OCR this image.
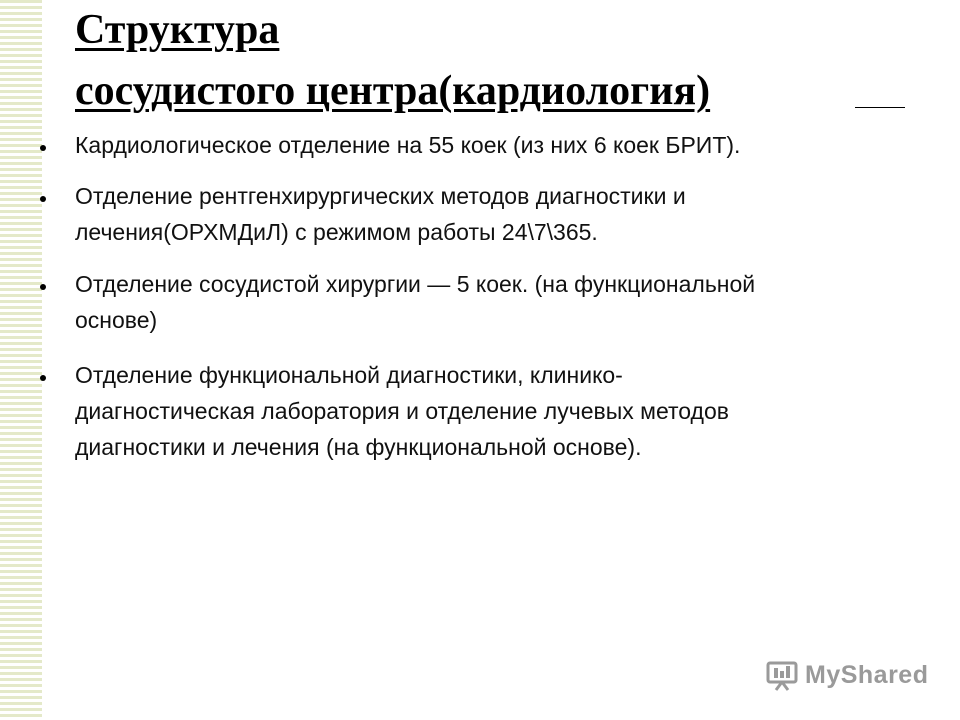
Структура
сосудистого центра(кардиология)

Кардиологическое отделение на 55 коек (из них 6 коек БРИТ).

Отделение рентгенхирургических методов диагностики и
лечения(ОРХМДиЛ) с режимом работы 24\7\365.

Отделение сосудистой хирургии — 5 коек. (на функциональной
основе)

Отделение функциональной диагностики, клинико-
диагностическая лаборатория и отделение лучевых методов
диагностики и лечения (на функциональной основе).

MyShared
